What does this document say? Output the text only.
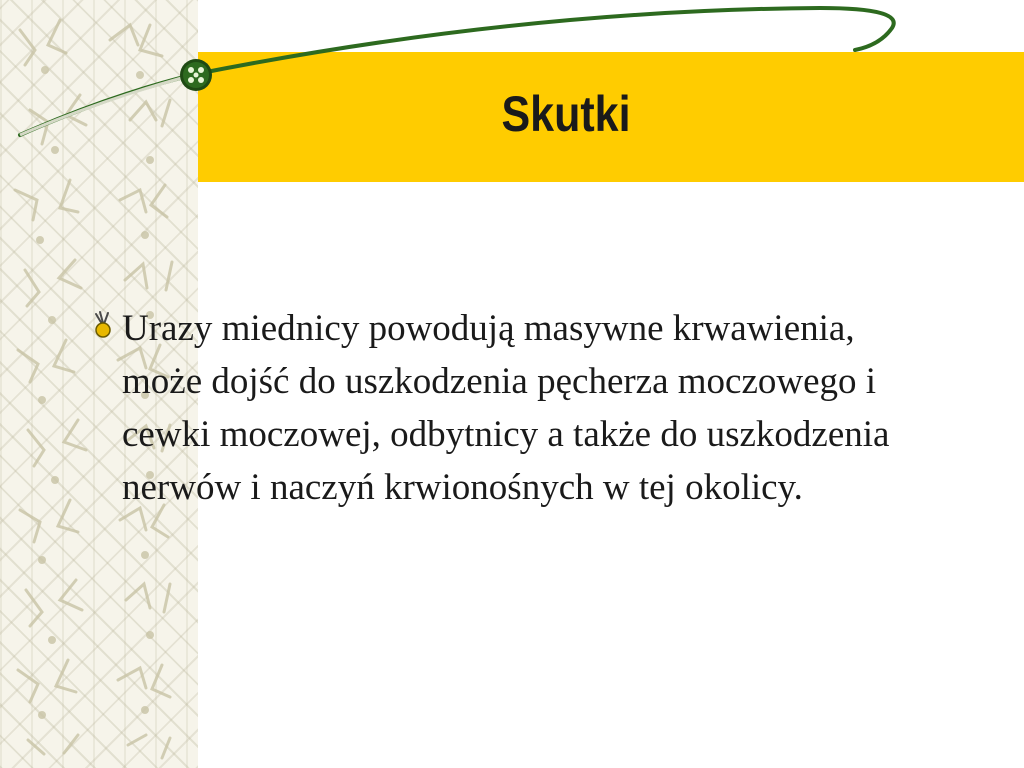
Skutki

Urazy miednicy powodują masywne krwawienia, może dojść do uszkodzenia pęcherza moczowego i cewki moczowej, odbytnicy a także do uszkodzenia nerwów i naczyń krwionośnych w tej okolicy.
